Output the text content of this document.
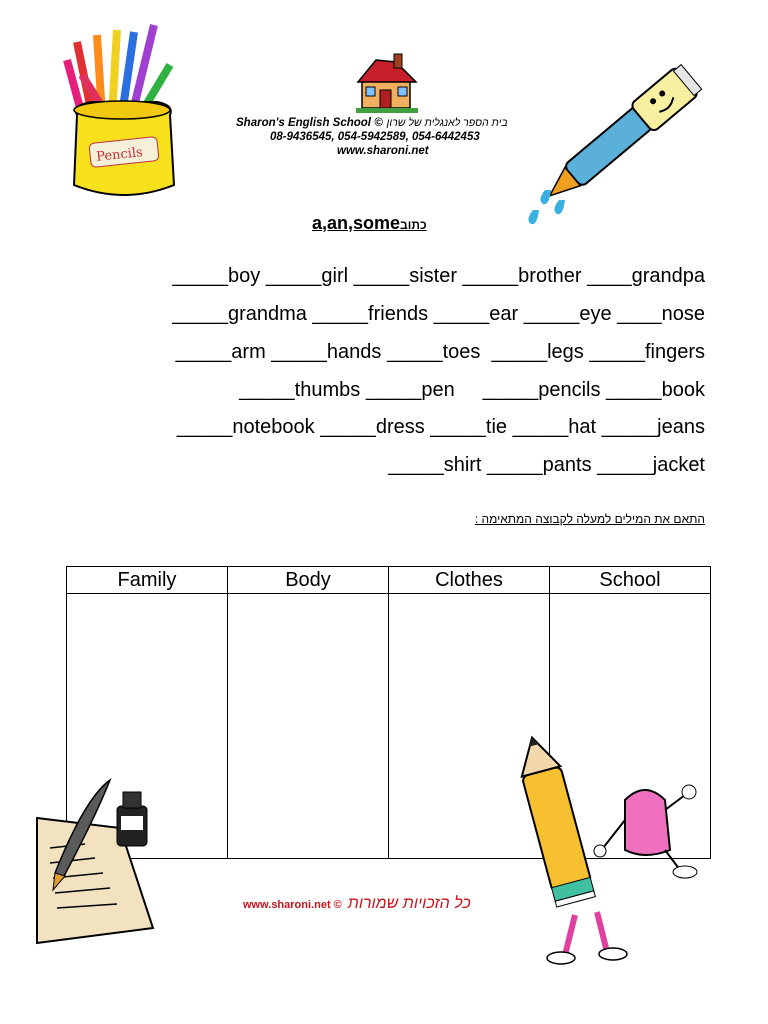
Pencils
Sharon's English School © בית הספר לאנגלית של שרון
08-9436545, 054-5942589, 054-6442453
www.sharoni.net
a,an,someכתוב
_____boy _____girl _____sister _____brother ____grandpa
_____grandma _____friends _____ear _____eye ____nose
_____arm _____hands _____toes  _____legs _____fingers
_____thumbs _____pen     _____pencils _____book
_____notebook _____dress _____tie _____hat _____jeans
_____shirt _____pants _____jacket
התאם את המילים למעלה לקבוצה המתאימה :
Family	Body	Clothes	School

www.sharoni.net © כל הזכויות שמורות
